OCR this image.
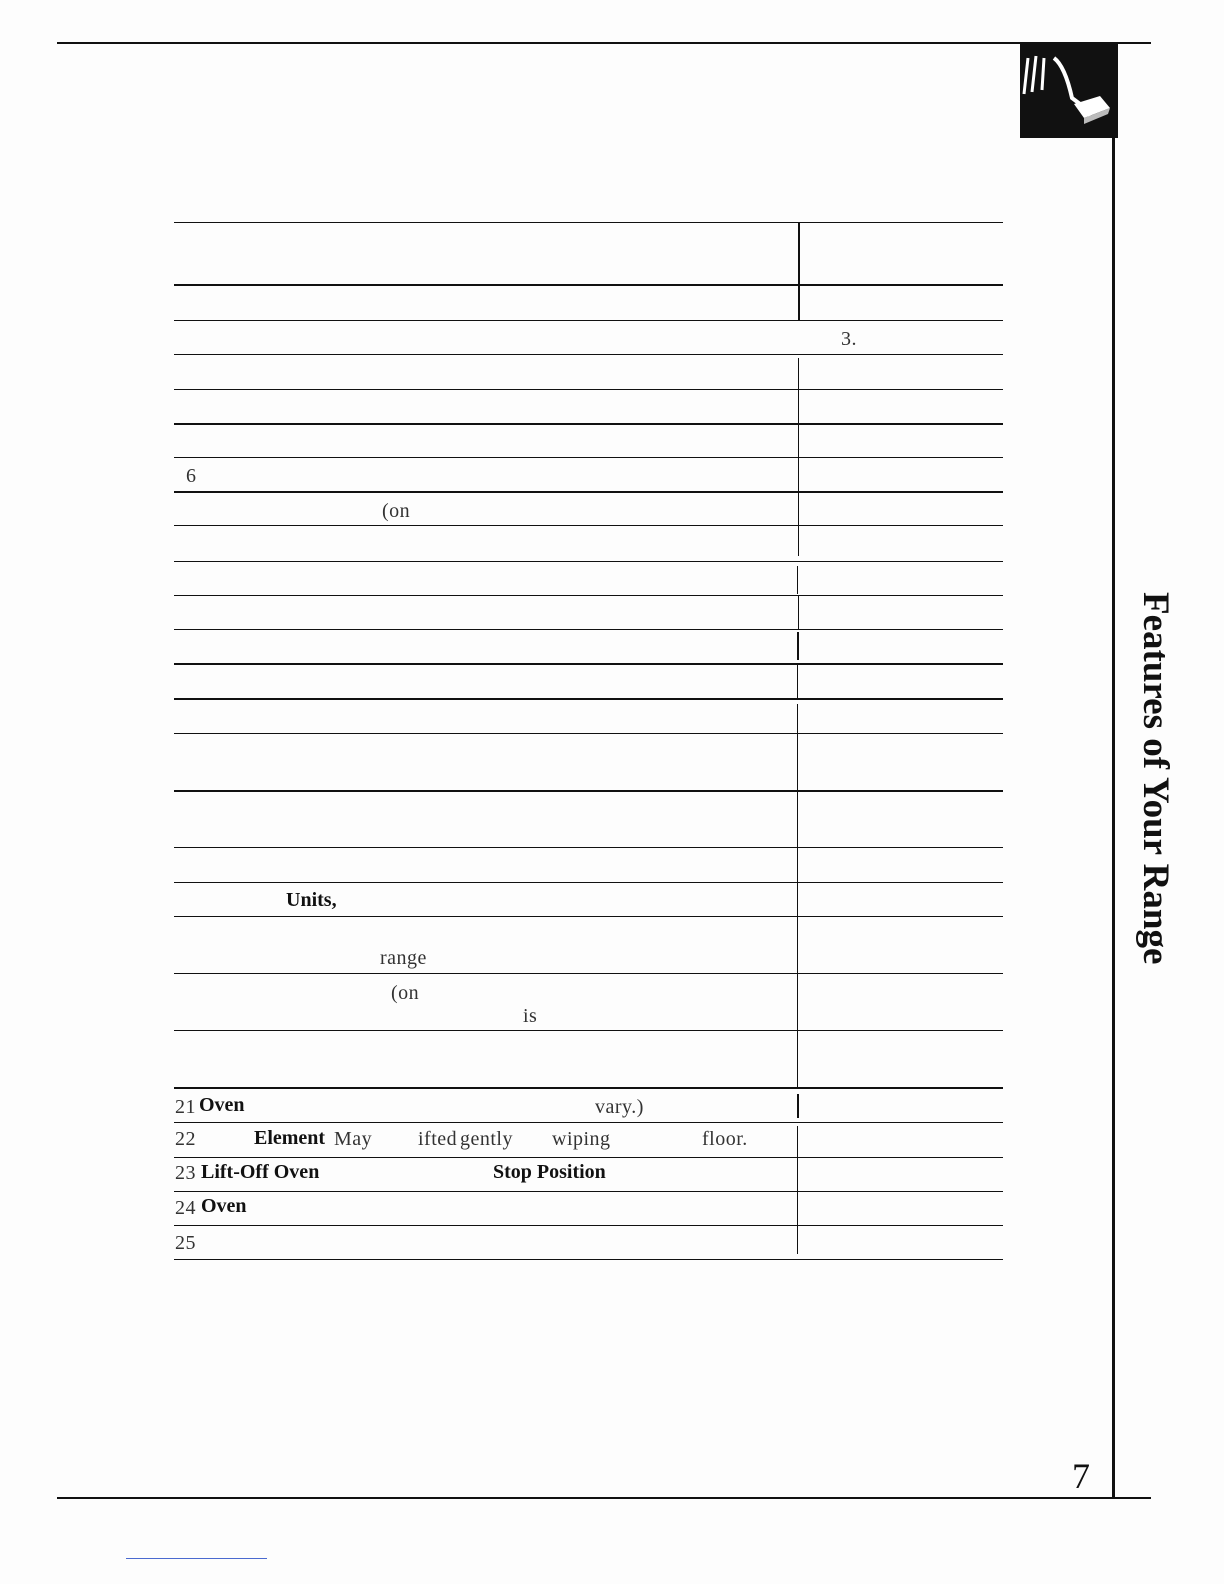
Features of Your Range
3.
6
(on
Units,
range
(on
is
21 Oven	vary.)
22	Element May ifted gently wiping	floor.
23 Lift-Off Oven	Stop Position
24 Oven
25
7
